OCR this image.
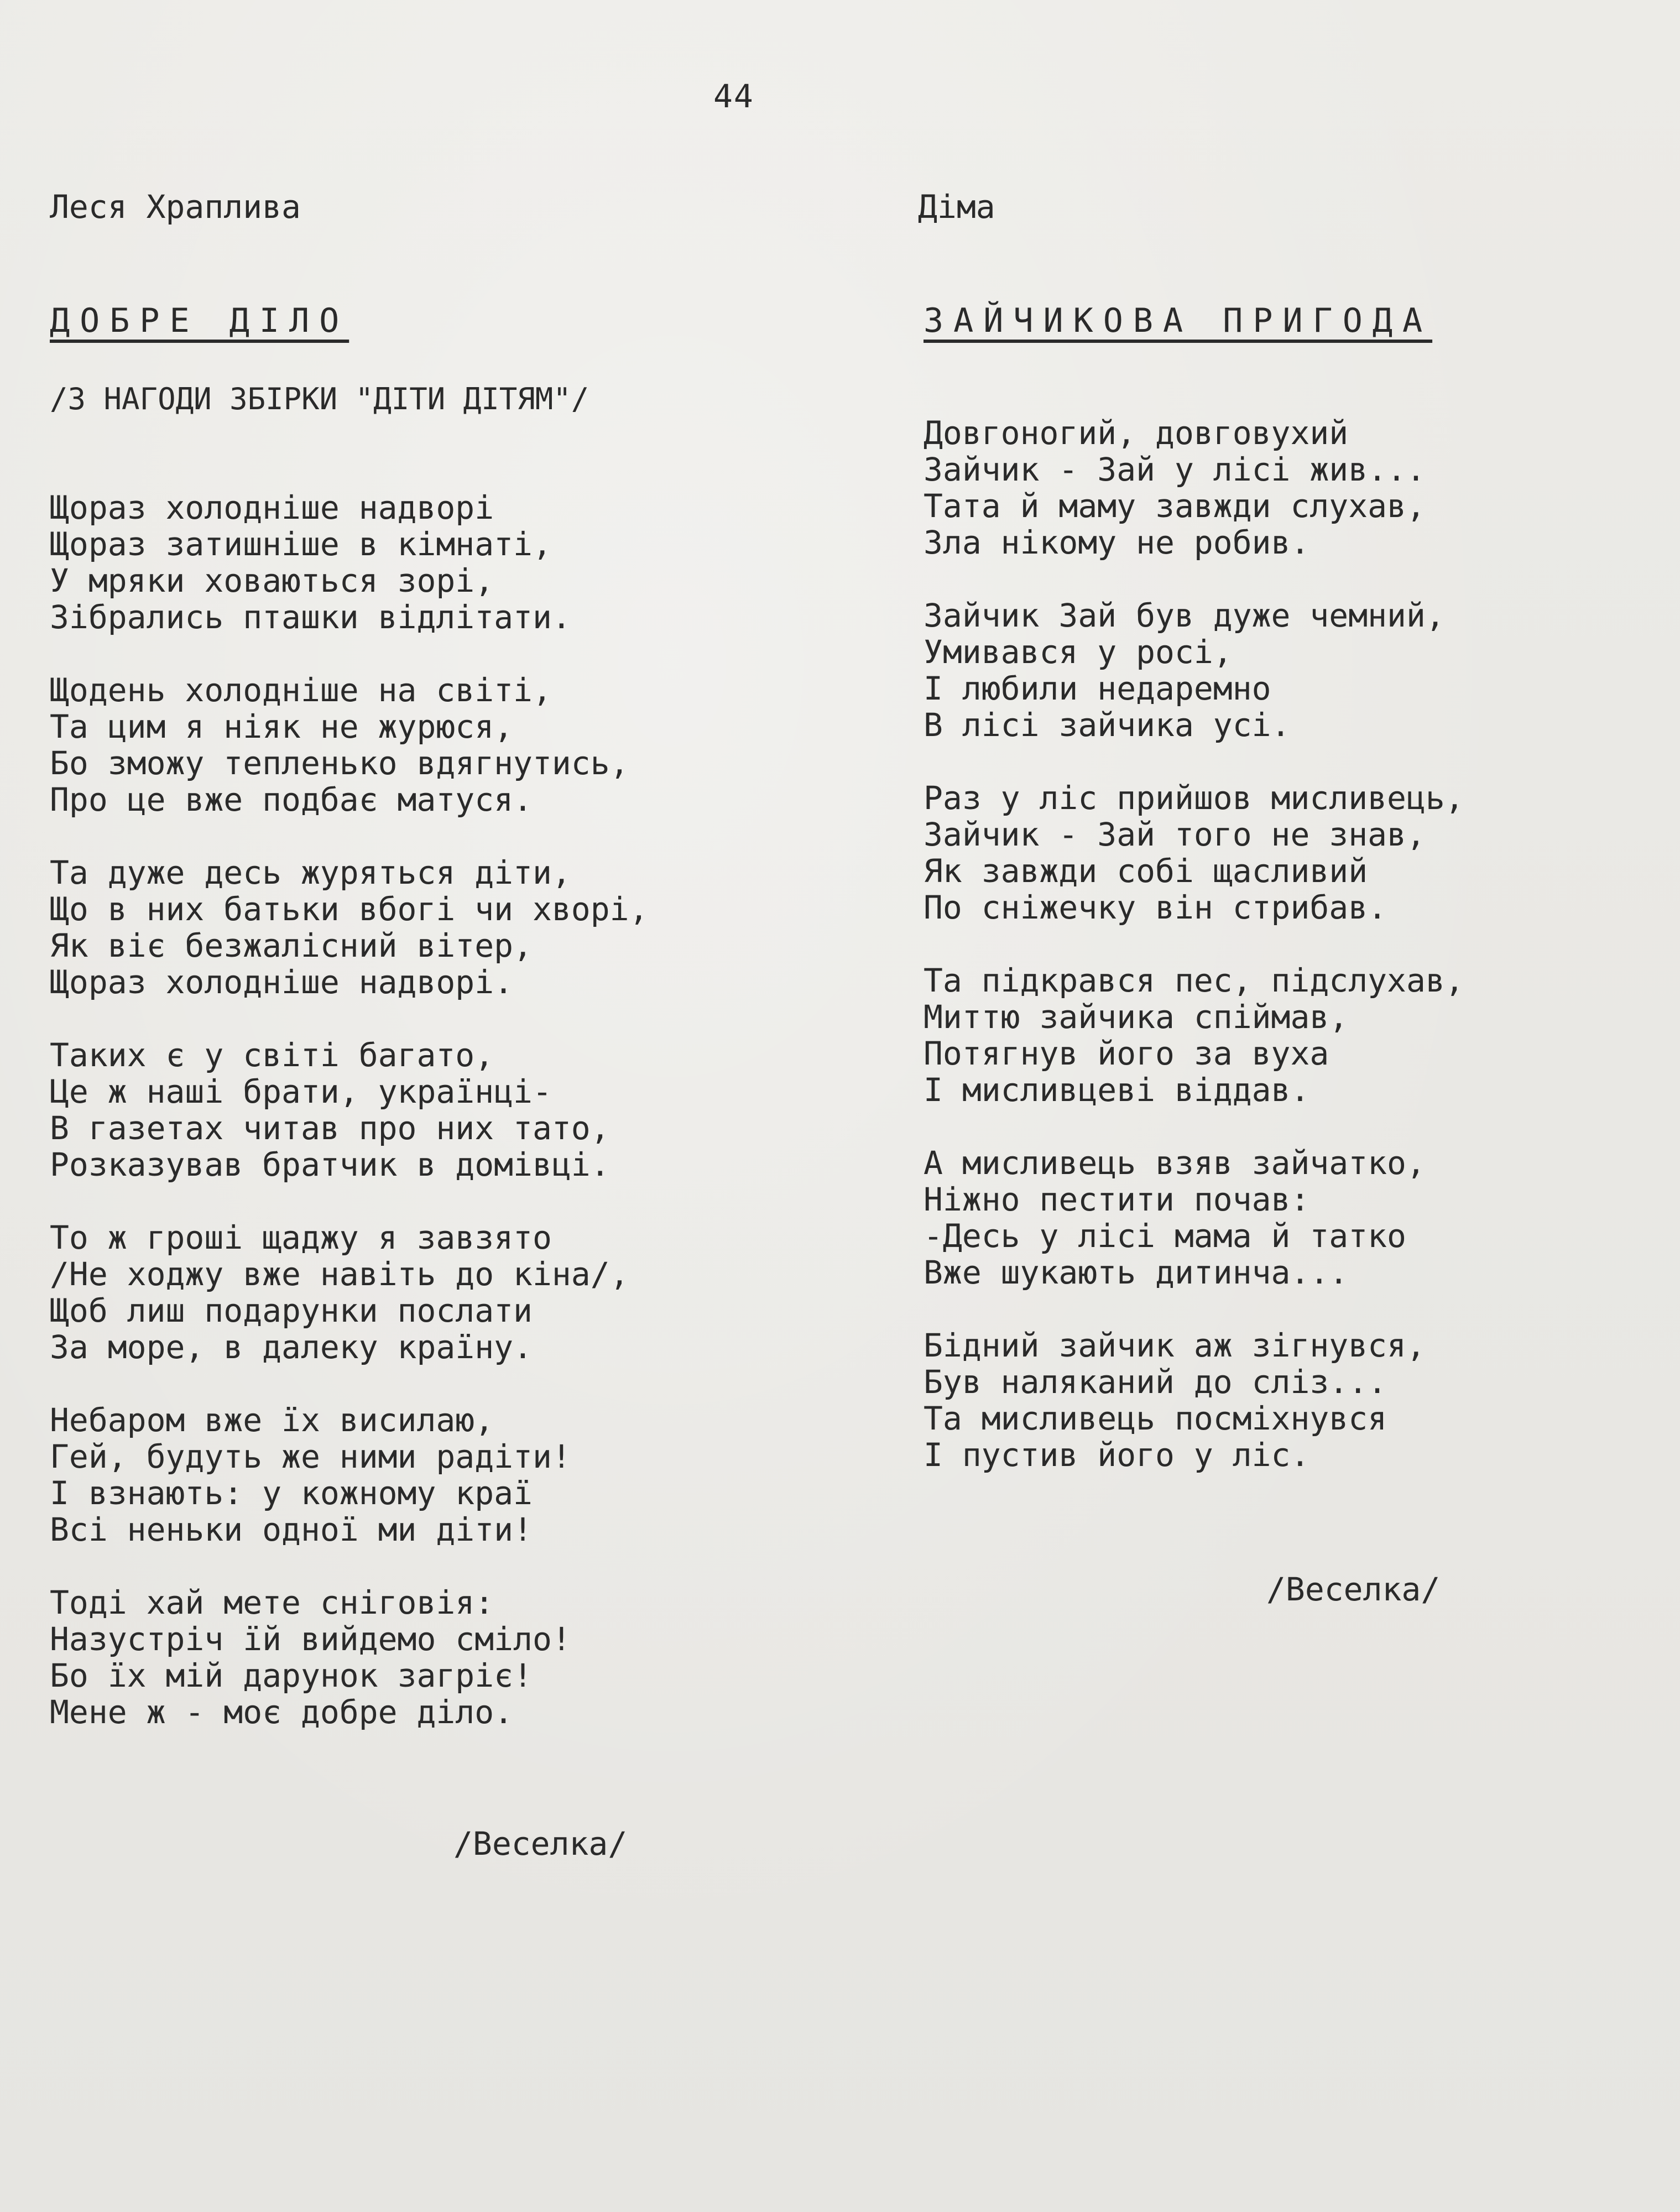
44
Леся Храплива
ДОБРЕ ДІЛО
/З НАГОДИ ЗБІРКИ "ДІТИ ДІТЯМ"/
Щораз холодніше надворі
Щораз затишніше в кімнаті,
У мряки ховаються зорі,
Зібрались пташки відлітати.
Щодень холодніше на світі,
Та цим я ніяк не журюся,
Бо зможу тепленько вдягнутись,
Про це вже подбає матуся.
Та дуже десь журяться діти,
Що в них батьки вбогі чи хворі,
Як віє безжалісний вітер,
Щораз холодніше надворі.
Таких є у світі багато,
Це ж наші брати, українці-
В газетах читав про них тато,
Розказував братчик в домівці.
То ж гроші щаджу я завзято
/Не ходжу вже навіть до кіна/,
Щоб лиш подарунки послати
За море, в далеку країну.
Небаром вже їх висилаю,
Гей, будуть же ними радіти!
І взнають: у кожному краї
Всі неньки одної ми діти!
Тоді хай мете сніговія:
Назустріч їй вийдемо сміло!
Бо їх мій дарунок загріє!
Мене ж - моє добре діло.
/Веселка/
Діма
ЗАЙЧИКОВА ПРИГОДА
Довгоногий, довговухий
Зайчик - Зай у лісі жив...
Тата й маму завжди слухав,
Зла нікому не робив.
Зайчик Зай був дуже чемний,
Умивався у росі,
І любили недаремно
В лісі зайчика усі.
Раз у ліс прийшов мисливець,
Зайчик - Зай того не знав,
Як завжди собі щасливий
По сніжечку він стрибав.
Та підкрався пес, підслухав,
Миттю зайчика спіймав,
Потягнув його за вуха
І мисливцеві віддав.
А мисливець взяв зайчатко,
Ніжно пестити почав:
-Десь у лісі мама й татко
Вже шукають дитинча...
Бідний зайчик аж зігнувся,
Був наляканий до сліз...
Та мисливець посміхнувся
І пустив його у ліс.
/Веселка/
